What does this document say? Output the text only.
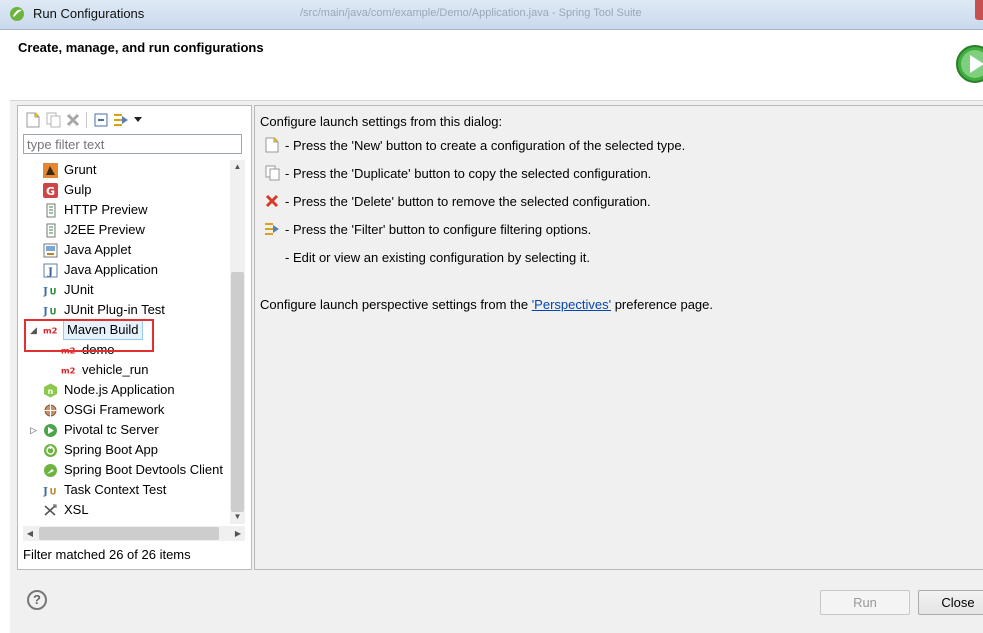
Run Configurations	/src/main/java/com/example/Demo/Application.java - Spring Tool Suite
Create, manage, and run configurations
type filter text
Grunt
G Gulp
HTTP Preview
J2EE Preview
Java Applet
J Java Application
J U JUnit
J U JUnit Plug-in Test
◢ m2 Maven Build
m2 demo
m2 vehicle_run
n Node.js Application
OSGi Framework
▷ Pivotal tc Server
Spring Boot App
Spring Boot Devtools Client
J U Task Context Test
XSL
▲
▼
◀	▶
Filter matched 26 of 26 items
Configure launch settings from this dialog:
- Press the 'New' button to create a configuration of the selected type.
- Press the 'Duplicate' button to copy the selected configuration.
- Press the 'Delete' button to remove the selected configuration.
- Press the 'Filter' button to configure filtering options.
- Edit or view an existing configuration by selecting it.
Configure launch perspective settings from the 'Perspectives' preference page.
?	Run	Close
